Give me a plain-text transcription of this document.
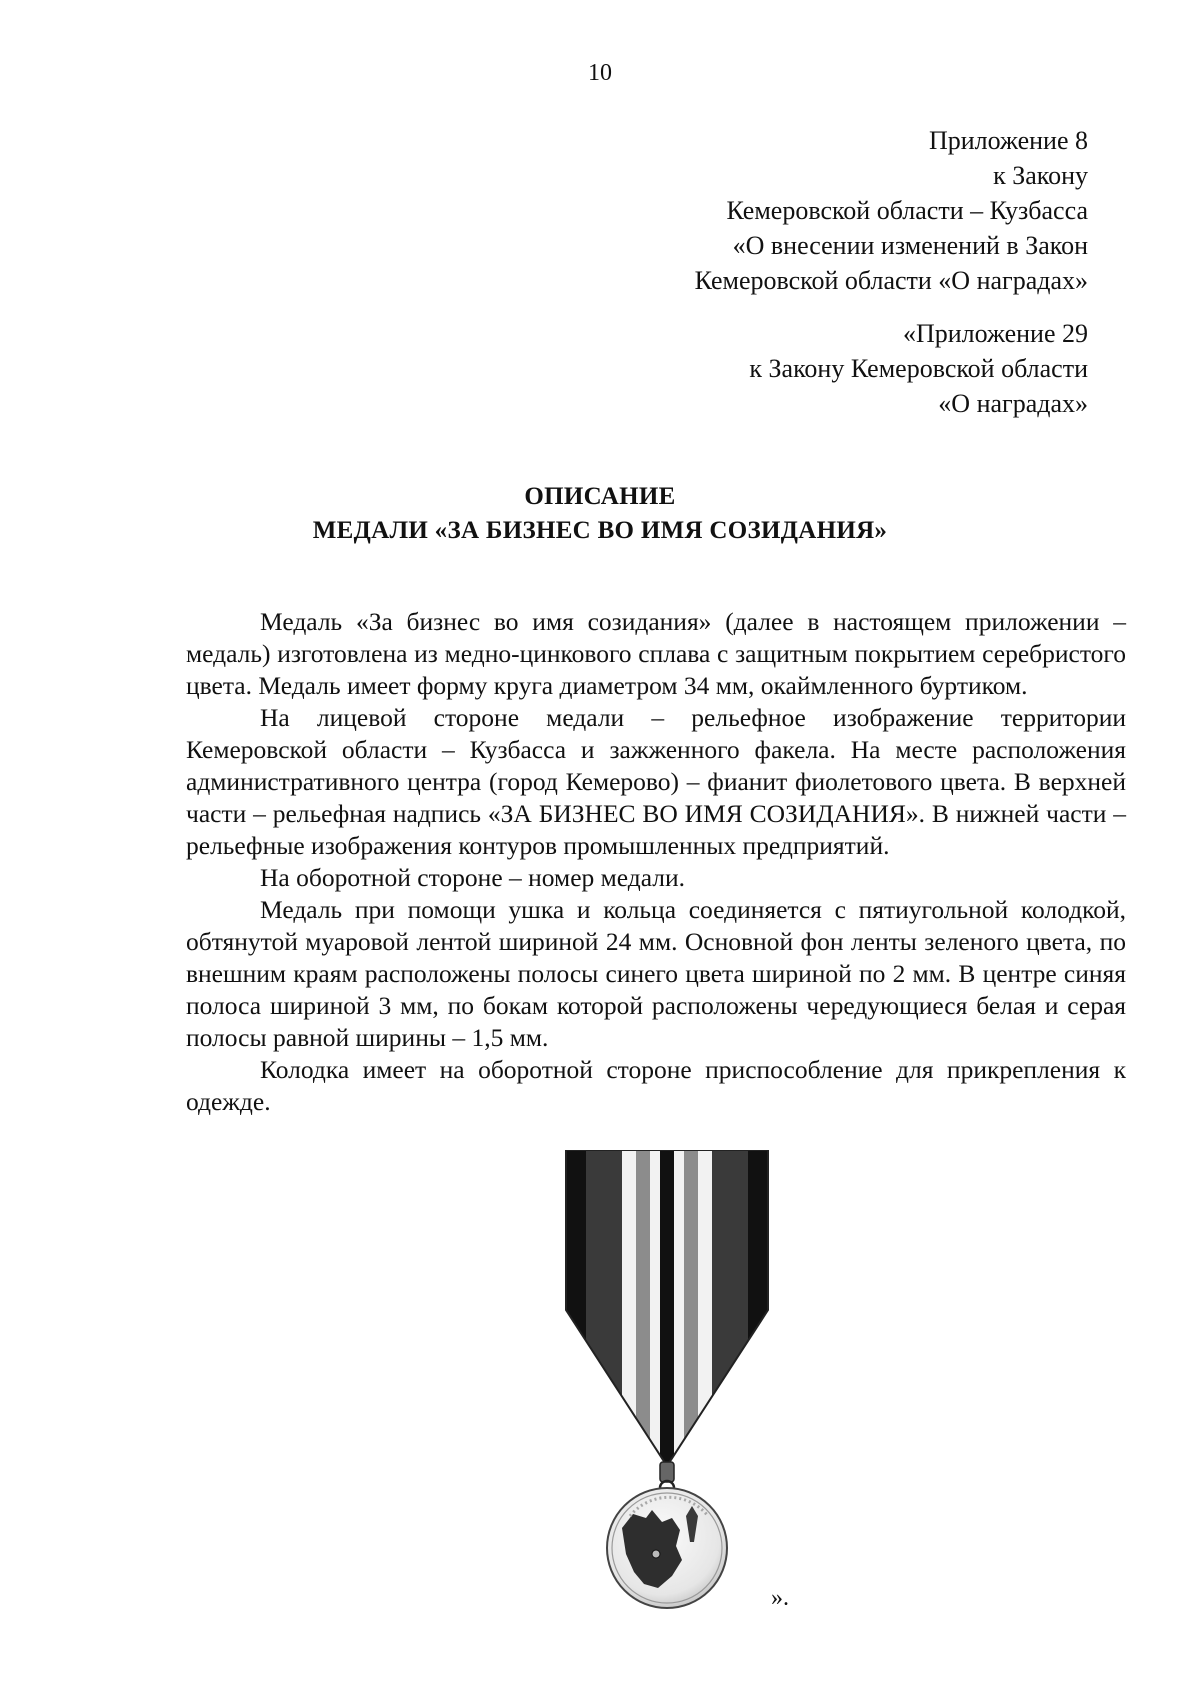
10
Приложение 8
к Закону
Кемеровской области – Кузбасса
«О внесении изменений в Закон
Кемеровской области «О наградах»
«Приложение 29
к Закону Кемеровской области
«О наградах»
ОПИСАНИЕ
МЕДАЛИ «ЗА БИЗНЕС ВО ИМЯ СОЗИДАНИЯ»

Медаль «За бизнес во имя созидания» (далее в настоящем приложении – медаль) изготовлена из медно-цинкового сплава с защитным покрытием серебристого цвета. Медаль имеет форму круга диаметром 34 мм, окаймленного буртиком.

На лицевой стороне медали – рельефное изображение территории Кемеровской области – Кузбасса и зажженного факела. На месте расположения административного центра (город Кемерово) – фианит фиолетового цвета. В верхней части – рельефная надпись «ЗА БИЗНЕС ВО ИМЯ СОЗИДАНИЯ». В нижней части – рельефные изображения контуров промышленных предприятий.

На оборотной стороне – номер медали.

Медаль при помощи ушка и кольца соединяется с пятиугольной колодкой, обтянутой муаровой лентой шириной 24 мм. Основной фон ленты зеленого цвета, по внешним краям расположены полосы синего цвета шириной по 2 мм. В центре синяя полоса шириной 3 мм, по бокам которой расположены чередующиеся белая и серая полосы равной ширины – 1,5 мм.

Колодка имеет на оборотной стороне приспособление для прикрепления к одежде.

».
